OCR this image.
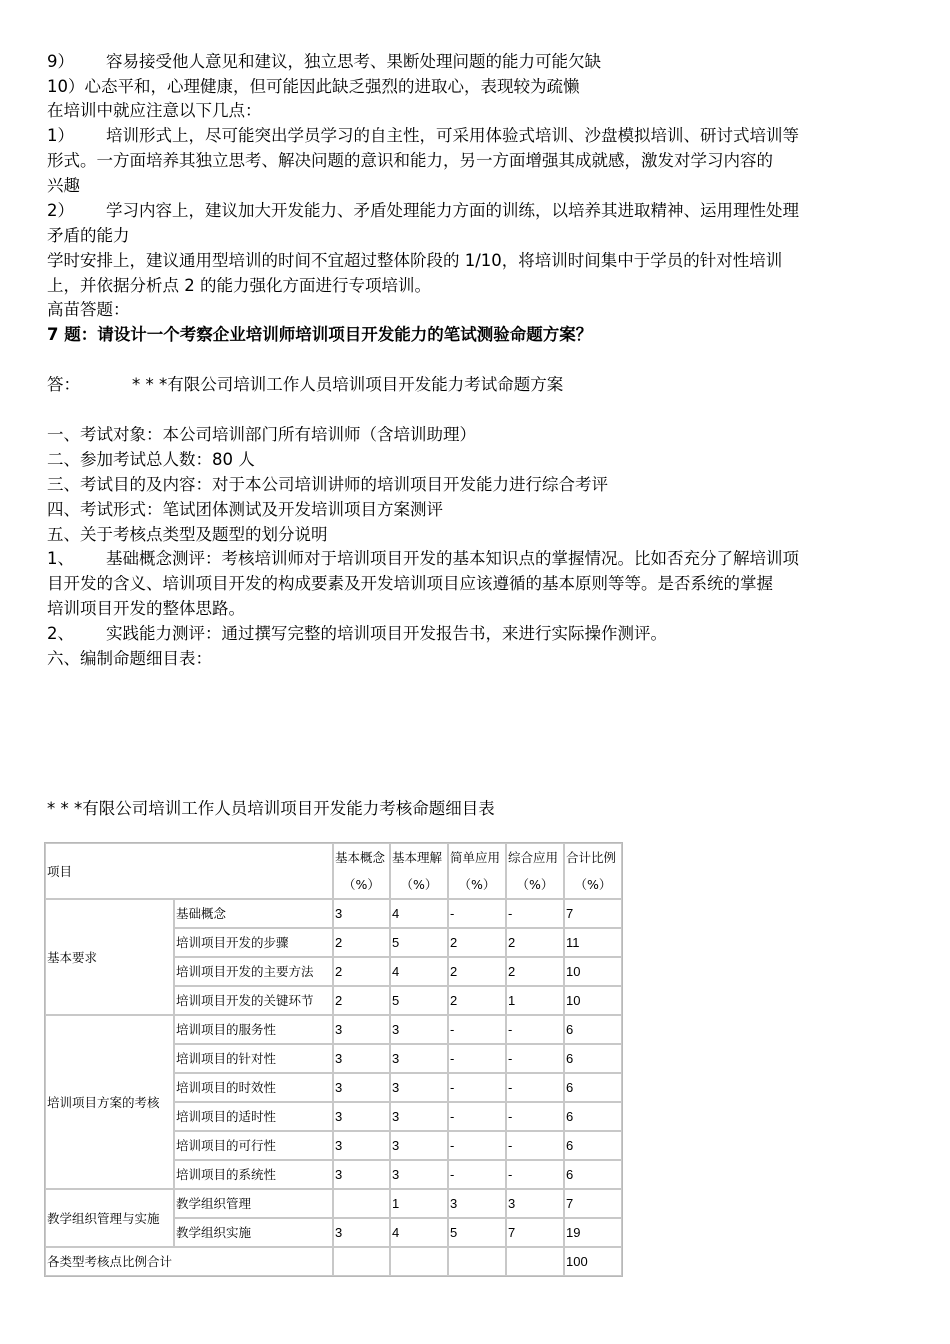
9） 容易接受他人意见和建议，独立思考、果断处理问题的能力可能欠缺
10）心态平和，心理健康，但可能因此缺乏强烈的进取心，表现较为疏懒
在培训中就应注意以下几点：
1） 培训形式上，尽可能突出学员学习的自主性，可采用体验式培训、沙盘模拟培训、研讨式培训等
形式。一方面培养其独立思考、解决问题的意识和能力，另一方面增强其成就感，激发对学习内容的
兴趣
2） 学习内容上，建议加大开发能力、矛盾处理能力方面的训练，以培养其进取精神、运用理性处理
矛盾的能力
学时安排上，建议通用型培训的时间不宜超过整体阶段的 1/10，将培训时间集中于学员的针对性培训
上，并依据分析点 2 的能力强化方面进行专项培训。
高苗答题：
7 题：请设计一个考察企业培训师培训项目开发能力的笔试测验命题方案？
答：	* * *有限公司培训工作人员培训项目开发能力考试命题方案
一、考试对象：本公司培训部门所有培训师（含培训助理）
二、参加考试总人数：80 人
三、考试目的及内容：对于本公司培训讲师的培训项目开发能力进行综合考评
四、考试形式：笔试团体测试及开发培训项目方案测评
五、关于考核点类型及题型的划分说明
1、 基础概念测评：考核培训师对于培训项目开发的基本知识点的掌握情况。比如否充分了解培训项
目开发的含义、培训项目开发的构成要素及开发培训项目应该遵循的基本原则等等。是否系统的掌握
培训项目开发的整体思路。
2、 实践能力测评：通过撰写完整的培训项目开发报告书，来进行实际操作测评。
六、编制命题细目表：
* * *有限公司培训工作人员培训项目开发能力考核命题细目表
项目		基本概念
（%）	基本理解
（%）	简单应用
（%）	综合应用
（%）	合计比例
（%）

基本要求	基础概念	3	4	-	-	7
	培训项目开发的步骤	2	5	2	2	11
	培训项目开发的主要方法	2	4	2	2	10
	培训项目开发的关键环节	2	5	2	1	10
培训项目方案的考核	培训项目的服务性	3	3	-	-	6
	培训项目的针对性	3	3	-	-	6
	培训项目的时效性	3	3	-	-	6
	培训项目的适时性	3	3	-	-	6
	培训项目的可行性	3	3	-	-	6
	培训项目的系统性	3	3	-	-	6
教学组织管理与实施	教学组织管理		1	3	3	7
	教学组织实施	3	4	5	7	19
各类型考核点比例合计						100
